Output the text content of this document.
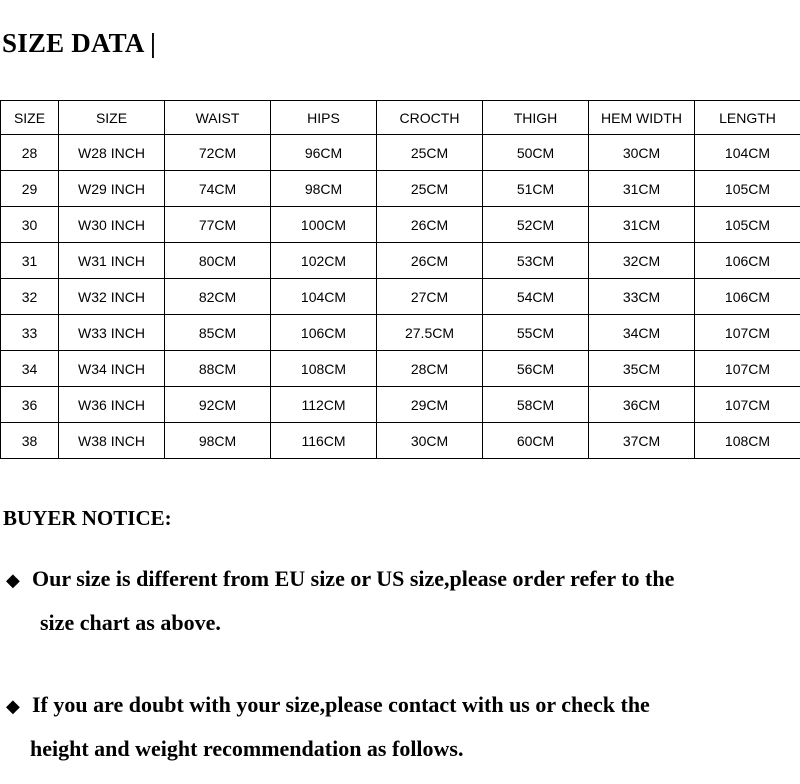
SIZE DATA |
SIZE	SIZE	WAIST	HIPS	CROCTH	THIGH	HEM WIDTH	LENGTH
28	W28 INCH	72CM	96CM	25CM	50CM	30CM	104CM
29	W29 INCH	74CM	98CM	25CM	51CM	31CM	105CM
30	W30 INCH	77CM	100CM	26CM	52CM	31CM	105CM
31	W31 INCH	80CM	102CM	26CM	53CM	32CM	106CM
32	W32 INCH	82CM	104CM	27CM	54CM	33CM	106CM
33	W33 INCH	85CM	106CM	27.5CM	55CM	34CM	107CM
34	W34 INCH	88CM	108CM	28CM	56CM	35CM	107CM
36	W36 INCH	92CM	112CM	29CM	58CM	36CM	107CM
38	W38 INCH	98CM	116CM	30CM	60CM	37CM	108CM
BUYER NOTICE:
◆ Our size is different from EU size or US size,please order refer to the
size chart as above.
◆ If you are doubt with your size,please contact with us or check the
height and weight recommendation as follows.
